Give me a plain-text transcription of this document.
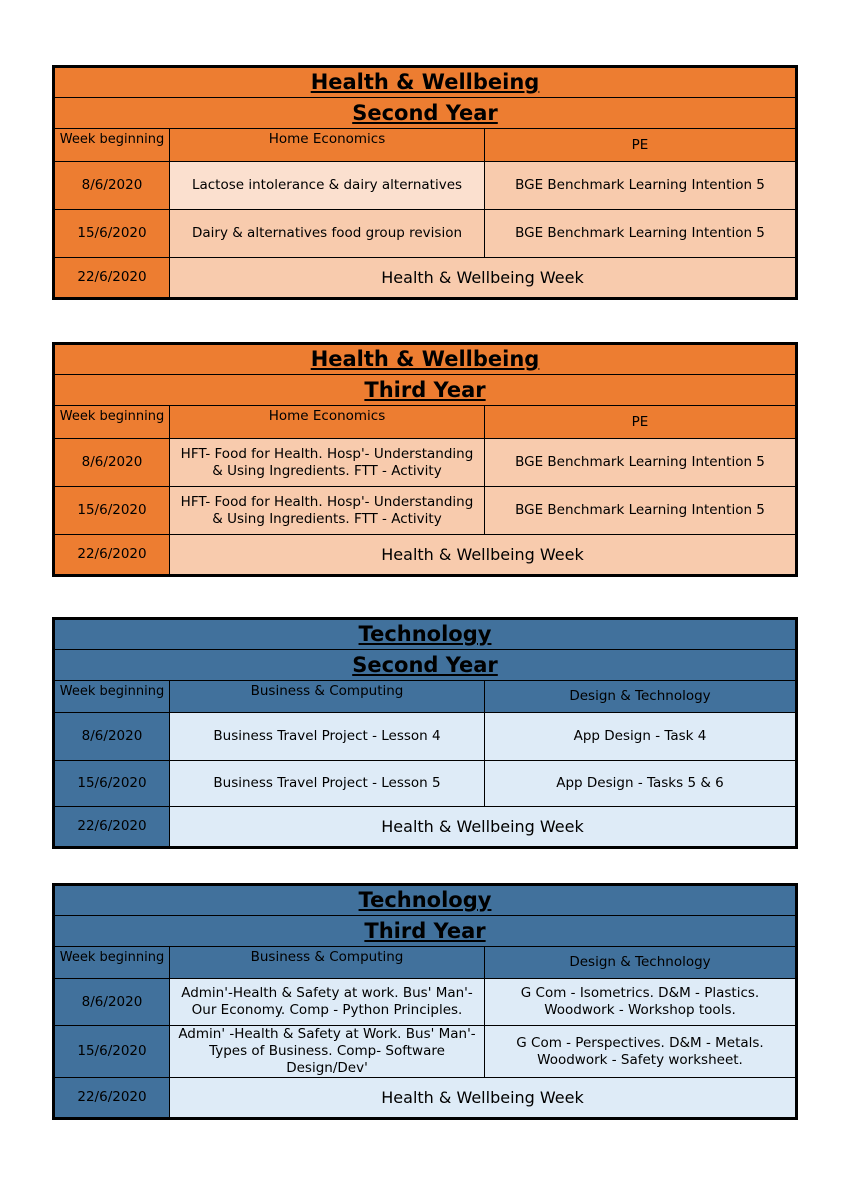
Health & Wellbeing		
Second Year		
Week beginning	Home Economics	PE
8/6/2020	Lactose intolerance & dairy alternatives	BGE Benchmark Learning Intention 5
15/6/2020	Dairy & alternatives food group revision	BGE Benchmark Learning Intention 5
22/6/2020	Health & Wellbeing Week	
Health & Wellbeing		
Third Year		
Week beginning	Home Economics	PE
8/6/2020	HFT- Food for Health. Hosp'- Understanding & Using Ingredients. FTT - Activity	BGE Benchmark Learning Intention 5
15/6/2020	HFT- Food for Health. Hosp'- Understanding & Using Ingredients. FTT - Activity	BGE Benchmark Learning Intention 5
22/6/2020	Health & Wellbeing Week	
Technology		
Second Year		
Week beginning	Business & Computing	Design & Technology
8/6/2020	Business Travel Project - Lesson 4	App Design - Task 4
15/6/2020	Business Travel Project - Lesson 5	App Design - Tasks 5 & 6
22/6/2020	Health & Wellbeing Week	
Technology		
Third Year		
Week beginning	Business & Computing	Design & Technology
8/6/2020	Admin'-Health & Safety at work. Bus' Man'- Our Economy. Comp - Python Principles.	G Com - Isometrics. D&M - Plastics. Woodwork - Workshop tools.
15/6/2020	Admin' -Health & Safety at Work. Bus' Man'- Types of Business. Comp- Software Design/Dev'	G Com - Perspectives. D&M - Metals. Woodwork - Safety worksheet.
22/6/2020	Health & Wellbeing Week	
